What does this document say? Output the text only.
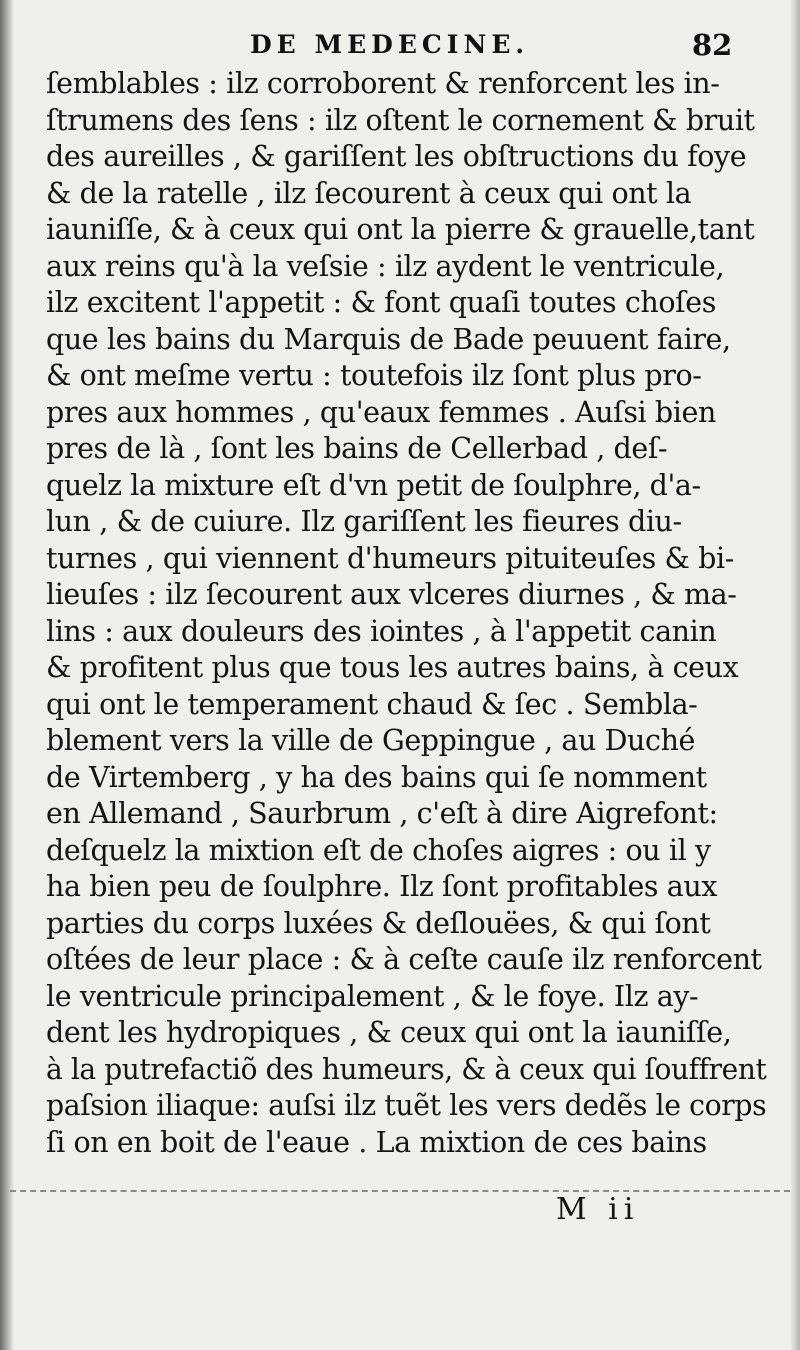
DE MEDECINE.	82
ſemblables : ilz corroborent & renforcent les in-
ſtrumens des ſens : ilz oſtent le cornement & bruit
des aureilles , & gariſſent les obſtructions du foye
& de la ratelle , ilz ſecourent à ceux qui ont la
iauniſſe, & à ceux qui ont la pierre & grauelle,tant
aux reins qu'à la veſsie : ilz aydent le ventricule,
ilz excitent l'appetit : & font quaſi toutes choſes
que les bains du Marquis de Bade peuuent faire,
& ont meſme vertu : toutefois ilz ſont plus pro-
pres aux hommes , qu'eaux femmes . Auſsi bien
pres de là , ſont les bains de Cellerbad , deſ-
quelz la mixture eſt d'vn petit de ſoulphre, d'a-
lun , & de cuiure. Ilz gariſſent les fieures diu-
turnes , qui viennent d'humeurs pituiteuſes & bi-
lieuſes : ilz ſecourent aux vlceres diurnes , & ma-
lins : aux douleurs des iointes , à l'appetit canin
& profitent plus que tous les autres bains, à ceux
qui ont le temperament chaud & ſec . Sembla-
blement vers la ville de Geppingue , au Duché
de Virtemberg , y ha des bains qui ſe nomment
en Allemand , Saurbrum , c'eſt à dire Aigrefont:
deſquelz la mixtion eſt de choſes aigres : ou il y
ha bien peu de ſoulphre. Ilz ſont profitables aux
parties du corps luxées & deſlouëes, & qui ſont
oſtées de leur place : & à ceſte cauſe ilz renforcent
le ventricule principalement , & le foye. Ilz ay-
dent les hydropiques , & ceux qui ont la iauniſſe,
à la putrefactiõ des humeurs, & à ceux qui ſouffrent
paſsion iliaque: auſsi ilz tuẽt les vers dedẽs le corps
ſi on en boit de l'eaue . La mixtion de ces bains
M ii
